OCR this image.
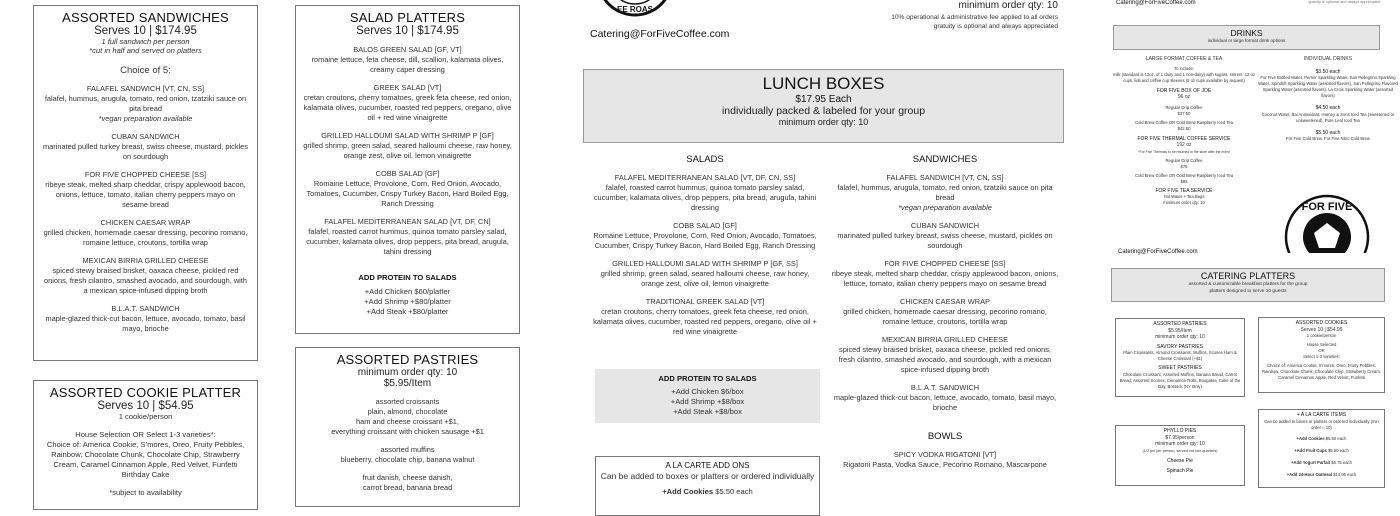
ASSORTED SANDWICHES
Serves 10 | $174.95
1 full sandwich per person
*cut in half and served on platters
Choice of 5:
FALAFEL SANDWICH [VT, CN, SS]
falafel, hummus, arugula, tomato, red onion, tzatziki sauce on pita bread
*vegan preparation available
CUBAN SANDWICH
marinated pulled turkey breast, swiss cheese, mustard, pickles on sourdough
FOR FIVE CHOPPED CHEESE [SS]
ribeye steak, melted sharp cheddar, crispy applewood bacon, onions, lettuce, tomato, italian cherry peppers mayo on sesame bread
CHICKEN CAESAR WRAP
grilled chicken, homemade caesar dressing, pecorino romano, romaine lettuce, croutons, tortilla wrap
MEXICAN BIRRIA GRILLED CHEESE
spiced stewy braised brisket, oaxaca cheese, pickled red onions, fresh cilantro, smashed avocado, and sourdough, with a mexican spice-infused dipping broth
B.L.A.T. SANDWICH
maple-glazed thick-cut bacon, lettuce, avocado, tomato, basil mayo, brioche
ASSORTED COOKIE PLATTER
Serves 10 | $54.95
1 cookie/person
House Selection OR Select 1-3 varieties*:
Choice of: America Cookie, S'mores, Oreo, Fruity Pebbles, Rainbow, Chocolate Chunk, Chocolate Chip, Strawberry Cream, Caramel Cinnamon Apple, Red Velvet, Funfetti Birthday Cake
*subject to availability
SALAD PLATTERS
Serves 10 | $174.95
BALOS GREEN SALAD [GF, VT]
romaine lettuce, feta cheese, dill, scallion, kalamata olives, creamy caper dressing
GREEK SALAD [VT]
cretan croutons, cherry tomatoes, greek feta cheese, red onion, kalamata olives, cucumber, roasted red peppers, oregano, olive oil + red wine vinaigrette
GRILLED HALLOUMI SALAD WITH SHRIMP P [GF]
grilled shrimp, green salad, seared halloumi cheese, raw honey, orange zest, olive oil, lemon vinaigrette
COBB SALAD [GF]
Romaine Lettuce, Provolone, Corn, Red Onion, Avocado, Tomatoes, Cucumber, Crispy Turkey Bacon, Hard Boiled Egg, Ranch Dressing
FALAFEL MEDITERRANEAN SALAD [VT, DF, CN]
falafel, roasted carrot hummus, quinoa tomato parsley salad, cucumber, kalamata olives, drop peppers, pita bread, arugula, tahini dressing
ADD PROTEIN TO SALADS
+Add Chicken $60/platter
+Add Shrimp +$80/platter
+Add Steak +$80/platter
ASSORTED PASTRIES
minimum order qty: 10
$5.95/Item
assorted croissants
plain, almond, chocolate
ham and cheese croissant +$1,
everything croissant with chicken sausage +$1
assorted muffins
blueberry, chocolate chip, banana walnut
fruit danish, cheese danish,
carrot bread, banana bread
EE ROAS
Catering@ForFiveCoffee.com
minimum order qty: 10
10% operational & administrative fee applied to all orders
gratuity is optional and always appreciated
LUNCH BOXES
$17.95 Each
individually packed & labeled for your group
minimum order qty: 10
SALADS
FALAFEL MEDITERRANEAN SALAD [VT, DF, CN, SS]
falafel, roasted carrot hummus, quinoa tomato parsley salad, cucumber, kalamata olives, drop peppers, pita bread, arugula, tahini dressing
COBB SALAD [GF]
Romaine Lettuce, Provolone, Corn, Red Onion, Avocado, Tomatoes, Cucumber, Crispy Turkey Bacon, Hard Boiled Egg, Ranch Dressing
GRILLED HALLOUMI SALAD WITH SHRIMP P [GF, SS]
grilled shrimp, green salad, seared halloumi cheese, raw honey, orange zest, olive oil, lemon vinaigrette
TRADITIONAL GREEK SALAD [VT]
cretan croutons, cherry tomatoes, greek feta cheese, red onion, kalamata olives, cucumber, roasted red peppers, oregano, olive oil + red wine vinaigrette
ADD PROTEIN TO SALADS
+Add Chicken $6/box
+Add Shrimp +$8/box
+Add Steak +$8/box
A LA CARTE ADD ONS
Can be added to boxes or platters or ordered individually
+Add Cookies $5.50 each
SANDWICHES
FALAFEL SANDWICH [VT, CN, SS]
falafel, hummus, arugula, tomato, red onion, tzatziki sauce on pita bread
*vegan preparation available
CUBAN SANDWICH
marinated pulled turkey breast, swiss cheese, mustard, pickles on sourdough
FOR FIVE CHOPPED CHEESE [SS]
ribeye steak, melted sharp cheddar, crispy applewood bacon, onions, lettuce, tomato, italian cherry peppers mayo on sesame bread
CHICKEN CAESAR WRAP
grilled chicken, homemade caesar dressing, pecorino romano, romaine lettuce, croutons, tortilla wrap
MEXICAN BIRRIA GRILLED CHEESE
spiced stewy braised brisket, oaxaca cheese, pickled red onions, fresh cilantro, smashed avocado, and sourdough, with a mexican spice-infused dipping broth
B.L.A.T. SANDWICH
maple-glazed thick-cut bacon, lettuce, avocado, tomato, basil mayo, brioche
BOWLS
SPICY VODKA RIGATONI [VT]
Rigatoni Pasta, Vodka Sauce, Pecorino Romano, Mascarpone
Catering@ForFiveCoffee.com	gratuity is optional and always appreciated
DRINKS
individual or large format drink options
LARGE FORMAT COFFEE & TEA
To include:
milk (standard is 12oz. of 1 dairy and 1 non-dairy) with sugars, stirrers, 12 oz cups, lids and coffee cup sleeves (8 oz cups available by request)
FOR FIVE BOX OF JOE
96 oz
Regular Drip Coffee
$37.50
Cold Brew Coffee OR Cold Brew Raspberry Iced Tea
$42.50
FOR FIVE THERMAL COFFEE SERVICE
192 oz
*For Five Thermals to be returned to the store after the event
Regular Drip Coffee
$75
Cold Brew Coffee OR Cold Brew Raspberry Iced Tea
$85
FOR FIVE TEA SERVICE
Hot Water + Tea Bags
minimum order qty: 10
Catering@ForFiveCoffee.com
INDIVIDUAL DRINKS
$3.50 each
For Five Bottled Water, Perrier Sparkling Water, San Pellegrino Sparkling Water, Spindrift Sparkling Water (assorted flavors), San Pellegrino Flavored Sparkling Water (assorted flavors), La Croix Sparkling Water (assorted flavors)
$4.50 each
Coconut Water, Bai Antioxidant, Harney & Sons Iced Tea (sweetened or unsweetened), Pure Leaf Iced Tea
$5.50 each
For Five Cold Brew, For Five Nitro Cold Brew
FOR FIVE
CATERING PLATTERS
assorted & customizable breakfast platters for the group
platters designed to serve 10 guests
ASSORTED PASTRIES
$5.95/Item
minimum order qty: 10
SAVORY PASTRIES
Plain Croissants, Almond Croissants, Muffins, Scones Ham & Cheese Croissant (+$1)
SWEET PASTRIES
Chocolate Croissant, Assorted Muffins, Banana Bread, Carrot Bread, Assorted Scones, Cinnamon Rolls, Bougatsa, Cake of the Day, Bostock (NY Only)
ASSORTED COOKIES
Serves 10 | $54.95
1 cookie/person
House Selected
OR
Select 1-3 varieties:
Choice of: America Cookie, S'mores, Oreo, Fruity Pebbles, Rainbow, Chocolate Chunk, Chocolate Chip, Strawberry Cream, Caramel Cinnamon Apple, Red Velvet, Funfetti
PHYLLO PIES
$7.95/person
minimum order qty: 10
(1/2 pie per person, served cut into quarters)
Cheese Pie
Spinach Pie
+ A LA CARTE ITEMS
Can be added to boxes or platters or ordered individually (min order = 10)
+Add Cookies $5.50 each
+Add Fruit Cups $5.50 each
+Add Yogurt Parfait $6.75 each
+Add 24-Hour Oatmeal $14.95 each
